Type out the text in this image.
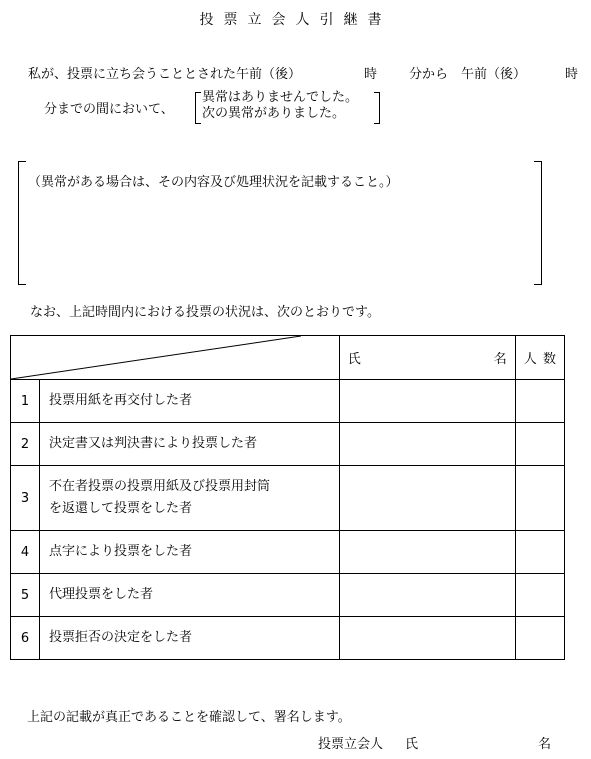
投票立会人引継書
私が、投票に立ち会うこととされた午前（後）	時 分から　午前（後）	時
分までの間において、
異常はありませんでした。
次の異常がありました。
（異常がある場合は、その内容及び処理状況を記載すること。）
なお、上記時間内における投票の状況は、次のとおりです。

氏 名	人 数

1	投票用紙を再交付した者		
2	決定書又は判決書により投票した者		
3	不在者投票の投票用紙及び投票用封筒
を返還して投票をした者		

4	点字により投票をした者		
5	代理投票をした者		
6	投票拒否の決定をした者		
上記の記載が真正であることを確認して、署名します。
投票立会人 氏	名
